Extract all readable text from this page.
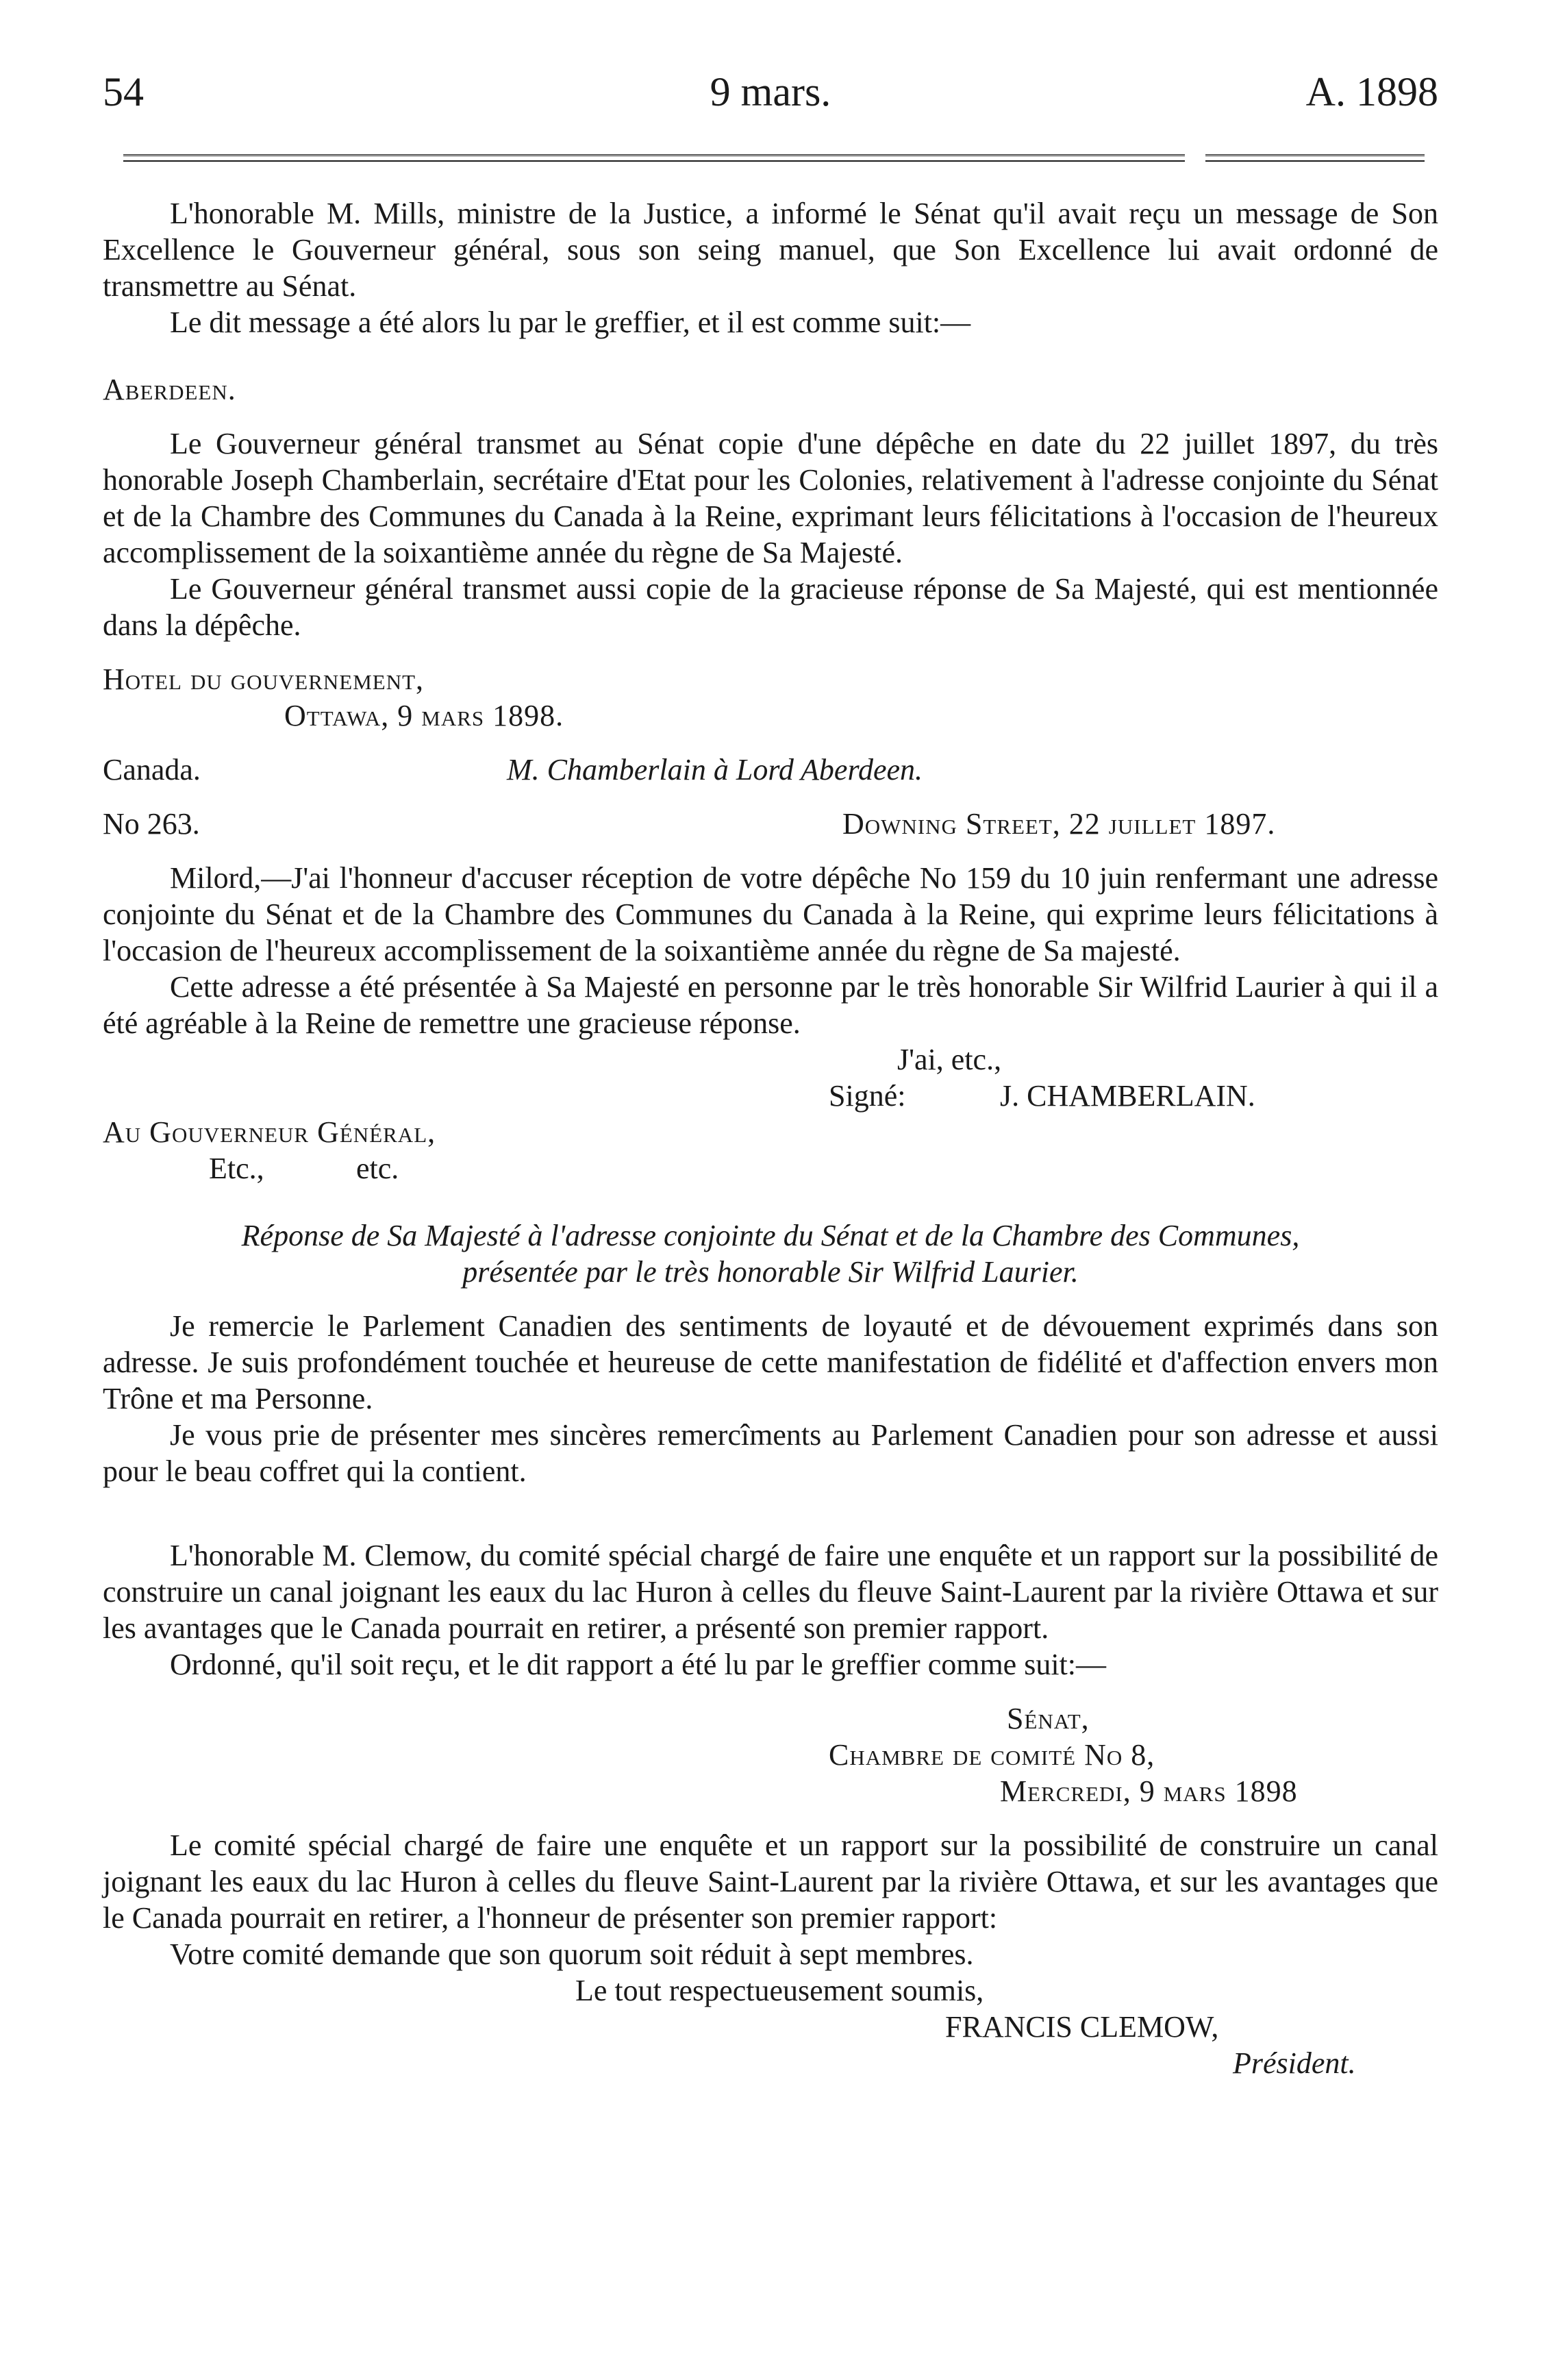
54	9 mars.	A. 1898

L'honorable M. Mills, ministre de la Justice, a informé le Sénat qu'il avait reçu un message de Son Excellence le Gouverneur général, sous son seing manuel, que Son Excellence lui avait ordonné de transmettre au Sénat.

Le dit message a été alors lu par le greffier, et il est comme suit:—

Aberdeen.

Le Gouverneur général transmet au Sénat copie d'une dépêche en date du 22 juillet 1897, du très honorable Joseph Chamberlain, secrétaire d'Etat pour les Colonies, relativement à l'adresse conjointe du Sénat et de la Chambre des Communes du Canada à la Reine, exprimant leurs félicitations à l'occasion de l'heureux accomplissement de la soixantième année du règne de Sa Majesté.

Le Gouverneur général transmet aussi copie de la gracieuse réponse de Sa Majesté, qui est mentionnée dans la dépêche.

Hotel du gouvernement,
Ottawa, 9 mars 1898.
Canada.	M. Chamberlain à Lord Aberdeen.
No 263.	Downing Street, 22 juillet 1897.

Milord,—J'ai l'honneur d'accuser réception de votre dépêche No 159 du 10 juin renfermant une adresse conjointe du Sénat et de la Chambre des Communes du Canada à la Reine, qui exprime leurs félicitations à l'occasion de l'heureux accomplissement de la soixantième année du règne de Sa majesté.

Cette adresse a été présentée à Sa Majesté en personne par le très honorable Sir Wilfrid Laurier à qui il a été agréable à la Reine de remettre une gracieuse réponse.

J'ai, etc.,
Signé:	J. CHAMBERLAIN.
Au Gouverneur Général,
Etc.,	etc.
Réponse de Sa Majesté à l'adresse conjointe du Sénat et de la Chambre des Communes,
présentée par le très honorable Sir Wilfrid Laurier.

Je remercie le Parlement Canadien des sentiments de loyauté et de dévouement exprimés dans son adresse. Je suis profondément touchée et heureuse de cette manifestation de fidélité et d'affection envers mon Trône et ma Personne.

Je vous prie de présenter mes sincères remercîments au Parlement Canadien pour son adresse et aussi pour le beau coffret qui la contient.

L'honorable M. Clemow, du comité spécial chargé de faire une enquête et un rapport sur la possibilité de construire un canal joignant les eaux du lac Huron à celles du fleuve Saint-Laurent par la rivière Ottawa et sur les avantages que le Canada pourrait en retirer, a présenté son premier rapport.

Ordonné, qu'il soit reçu, et le dit rapport a été lu par le greffier comme suit:—

Sénat,
Chambre de comité No 8,
Mercredi, 9 mars 1898

Le comité spécial chargé de faire une enquête et un rapport sur la possibilité de construire un canal joignant les eaux du lac Huron à celles du fleuve Saint-Laurent par la rivière Ottawa, et sur les avantages que le Canada pourrait en retirer, a l'honneur de présenter son premier rapport:

Votre comité demande que son quorum soit réduit à sept membres.

Le tout respectueusement soumis,
FRANCIS CLEMOW,
Président.
